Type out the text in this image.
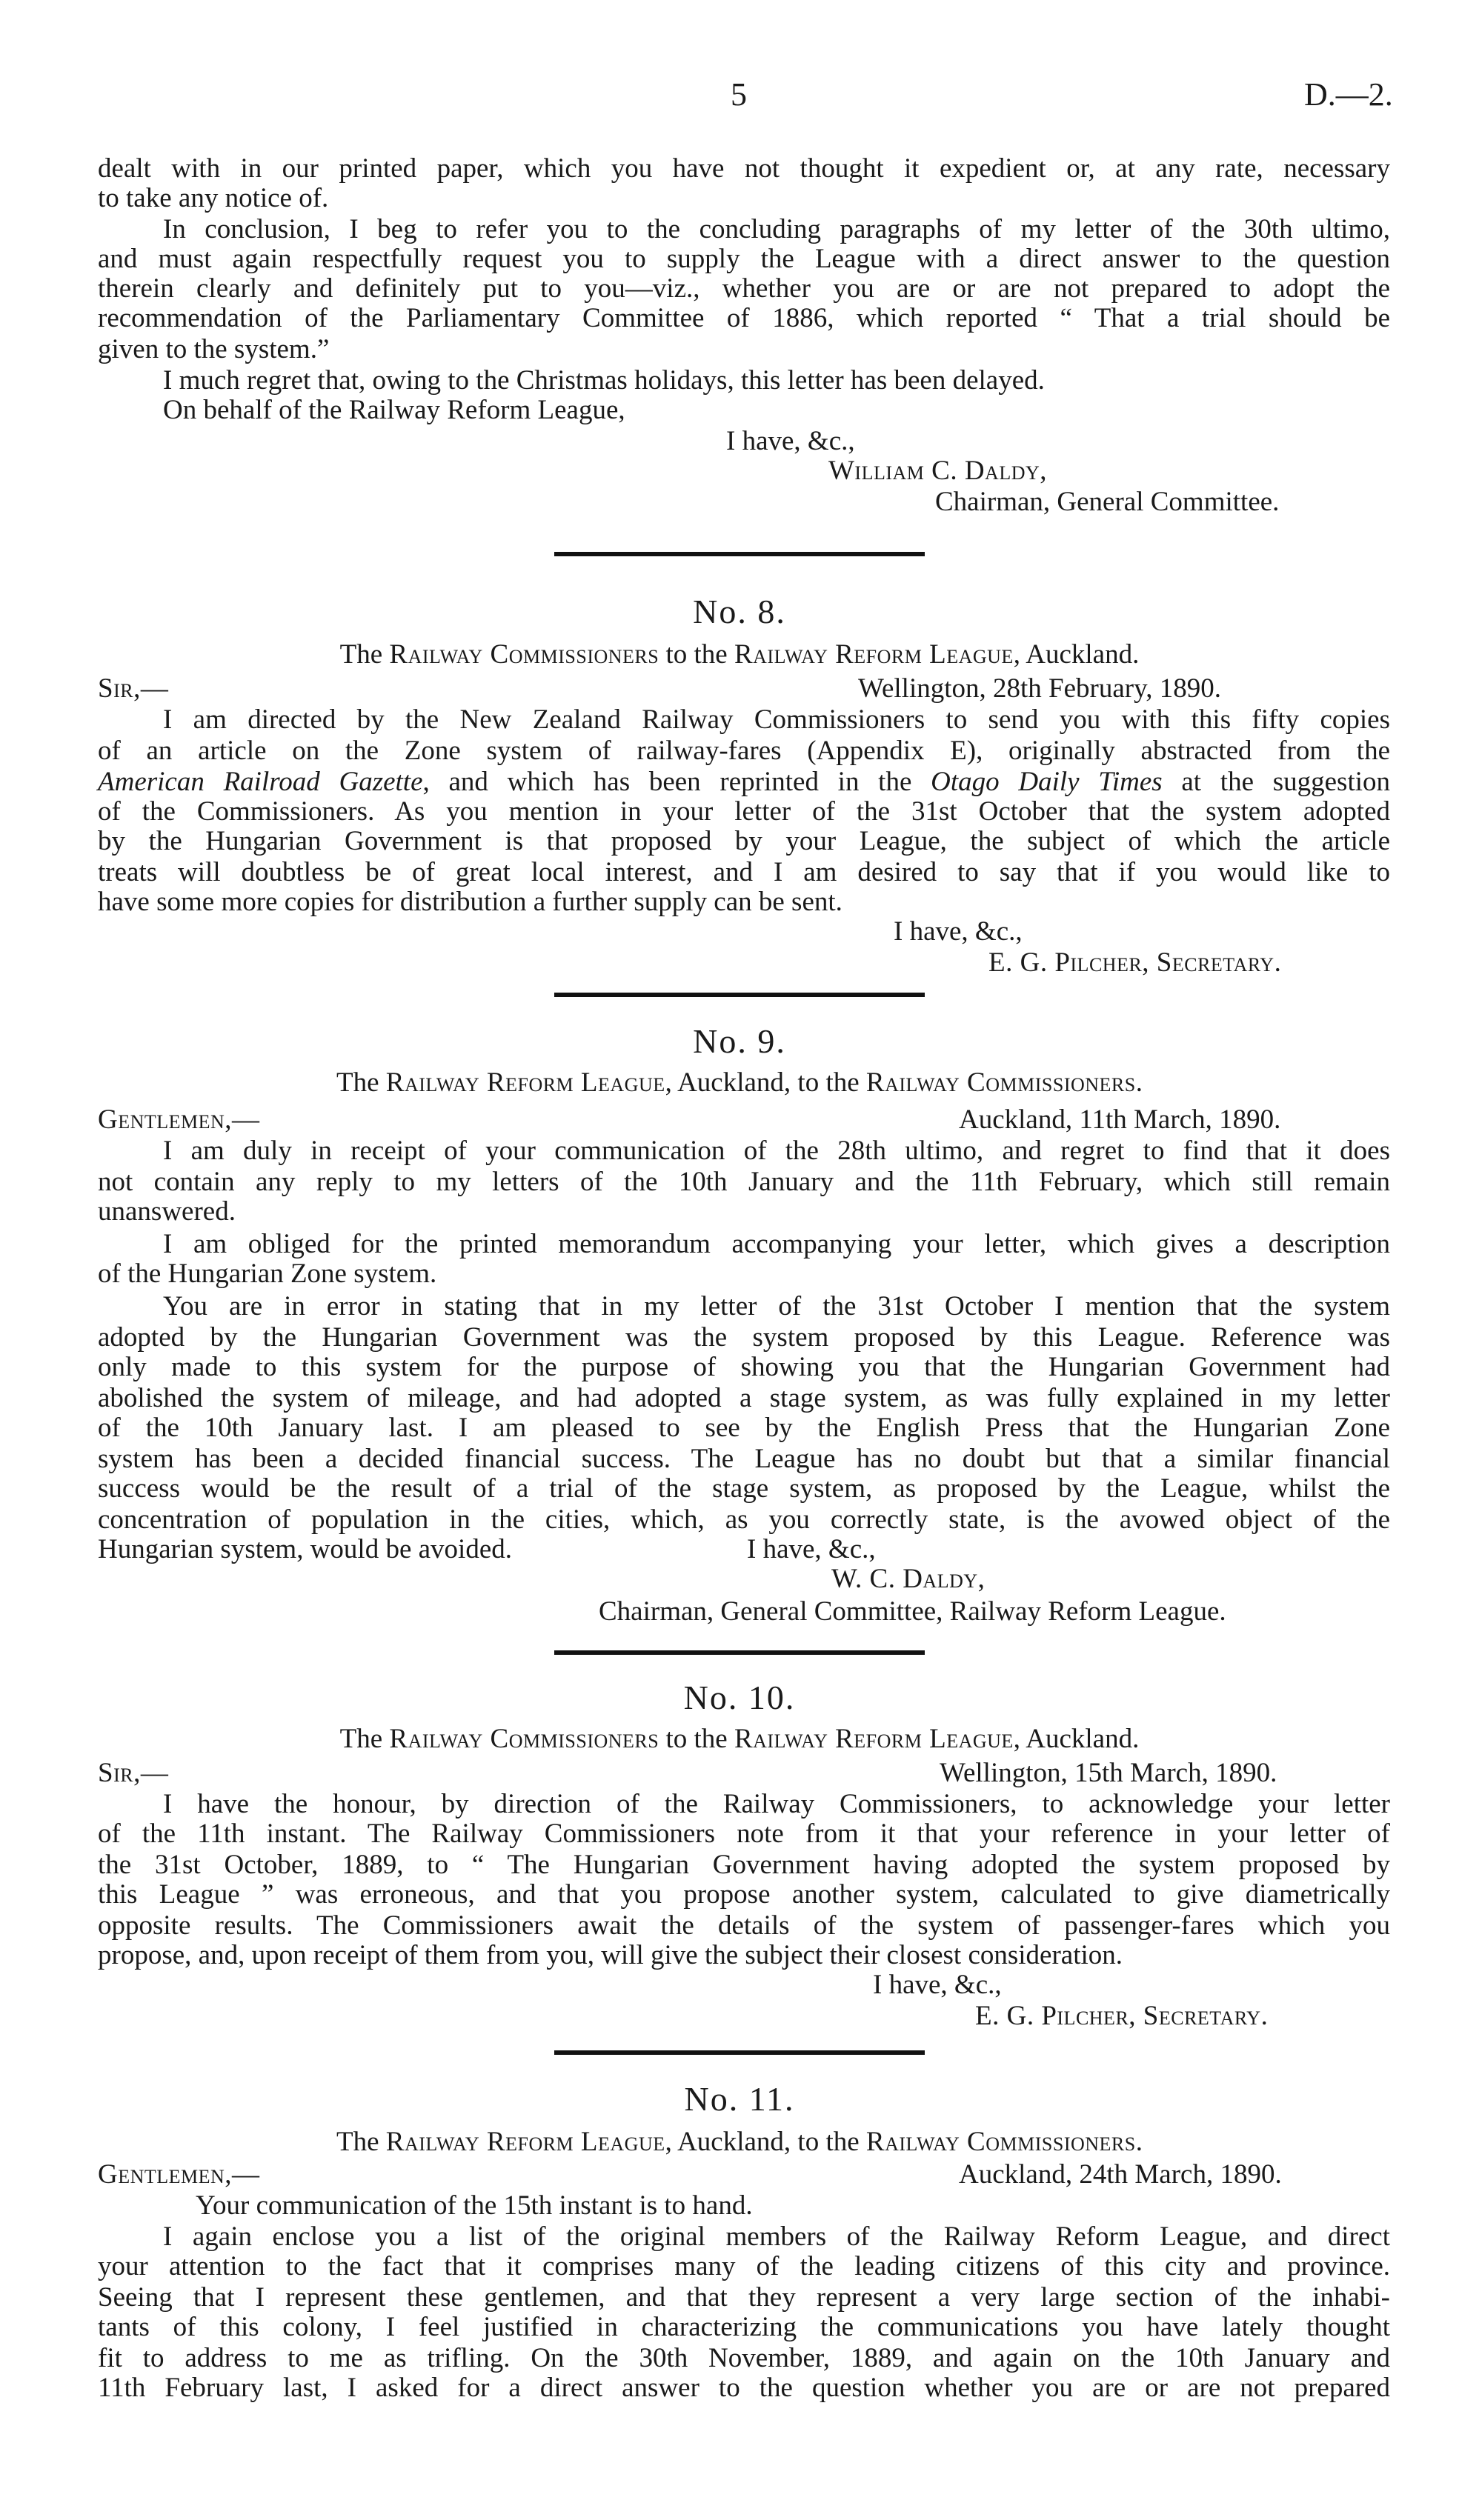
5	D.—2.
dealt with in our printed paper, which you have not thought it expedient or, at any rate, necessary
to take any notice of.
In conclusion, I beg to refer you to the concluding paragraphs of my letter of the 30th ultimo,
and must again respectfully request you to supply the League with a direct answer to the question
therein clearly and definitely put to you—viz., whether you are or are not prepared to adopt the
recommendation of the Parliamentary Committee of 1886, which reported “ That a trial should be
given to the system.”
I much regret that, owing to the Christmas holidays, this letter has been delayed.
On behalf of the Railway Reform League,
I have, &c.,
William C. Daldy,
Chairman, General Committee.
No. 8.
The Railway Commissioners to the Railway Reform League, Auckland.
Sir,—	Wellington, 28th February, 1890.
I am directed by the New Zealand Railway Commissioners to send you with this fifty copies
of an article on the Zone system of railway-fares (Appendix E), originally abstracted from the
American Railroad Gazette, and which has been reprinted in the Otago Daily Times at the suggestion
of the Commissioners. As you mention in your letter of the 31st October that the system adopted
by the Hungarian Government is that proposed by your League, the subject of which the article
treats will doubtless be of great local interest, and I am desired to say that if you would like to
have some more copies for distribution a further supply can be sent.
I have, &c.,
E. G. Pilcher, Secretary.
No. 9.
The Railway Reform League, Auckland, to the Railway Commissioners.
Gentlemen,—	Auckland, 11th March, 1890.
I am duly in receipt of your communication of the 28th ultimo, and regret to find that it does
not contain any reply to my letters of the 10th January and the 11th February, which still remain
unanswered.
I am obliged for the printed memorandum accompanying your letter, which gives a description
of the Hungarian Zone system.
You are in error in stating that in my letter of the 31st October I mention that the system
adopted by the Hungarian Government was the system proposed by this League. Reference was
only made to this system for the purpose of showing you that the Hungarian Government had
abolished the system of mileage, and had adopted a stage system, as was fully explained in my letter
of the 10th January last. I am pleased to see by the English Press that the Hungarian Zone
system has been a decided financial success. The League has no doubt but that a similar financial
success would be the result of a trial of the stage system, as proposed by the League, whilst the
concentration of population in the cities, which, as you correctly state, is the avowed object of the
Hungarian system, would be avoided.	I have, &c.,
W. C. Daldy,
Chairman, General Committee, Railway Reform League.
No. 10.
The Railway Commissioners to the Railway Reform League, Auckland.
Sir,—	Wellington, 15th March, 1890.
I have the honour, by direction of the Railway Commissioners, to acknowledge your letter
of the 11th instant. The Railway Commissioners note from it that your reference in your letter of
the 31st October, 1889, to “ The Hungarian Government having adopted the system proposed by
this League ” was erroneous, and that you propose another system, calculated to give diametrically
opposite results. The Commissioners await the details of the system of passenger-fares which you
propose, and, upon receipt of them from you, will give the subject their closest consideration.
I have, &c.,
E. G. Pilcher, Secretary.
No. 11.
The Railway Reform League, Auckland, to the Railway Commissioners.
Gentlemen,—	Auckland, 24th March, 1890.
Your communication of the 15th instant is to hand.
I again enclose you a list of the original members of the Railway Reform League, and direct
your attention to the fact that it comprises many of the leading citizens of this city and province.
Seeing that I represent these gentlemen, and that they represent a very large section of the inhabi-
tants of this colony, I feel justified in characterizing the communications you have lately thought
fit to address to me as trifling. On the 30th November, 1889, and again on the 10th January and
11th February last, I asked for a direct answer to the question whether you are or are not prepared
